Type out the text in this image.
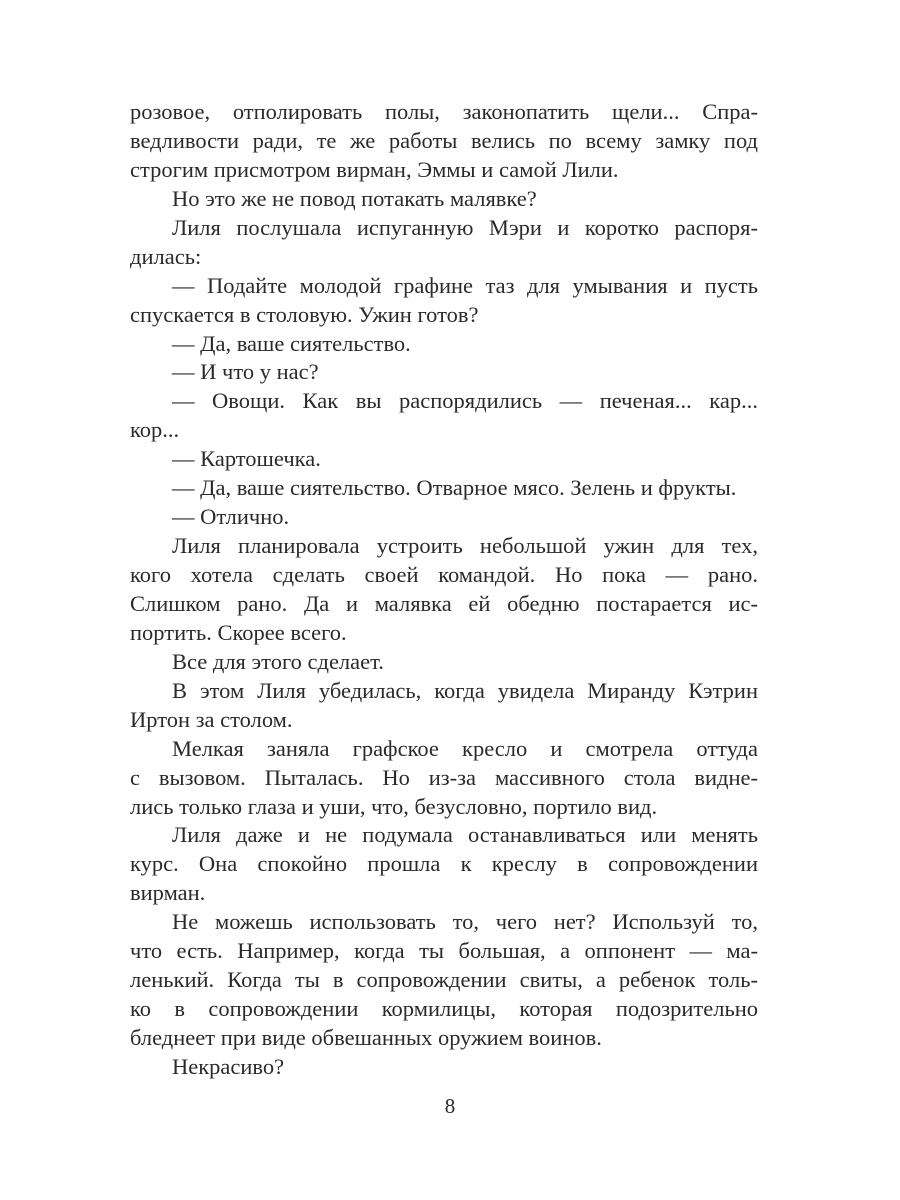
розовое, отполировать полы, законопатить щели... Спра-
ведливости ради, те же работы велись по всему замку под
строгим присмотром вирман, Эммы и самой Лили.
Но это же не повод потакать малявке?
Лиля послушала испуганную Мэри и коротко распоря-
дилась:
— Подайте молодой графине таз для умывания и пусть
спускается в столовую. Ужин готов?
— Да, ваше сиятельство.
— И что у нас?
— Овощи. Как вы распорядились — печеная... кар...
кор...
— Картошечка.
— Да, ваше сиятельство. Отварное мясо. Зелень и фрукты.
— Отлично.
Лиля планировала устроить небольшой ужин для тех,
кого хотела сделать своей командой. Но пока — рано.
Слишком рано. Да и малявка ей обедню постарается ис-
портить. Скорее всего.
Все для этого сделает.
В этом Лиля убедилась, когда увидела Миранду Кэтрин
Иртон за столом.
Мелкая заняла графское кресло и смотрела оттуда
с вызовом. Пыталась. Но из-за массивного стола видне-
лись только глаза и уши, что, безусловно, портило вид.
Лиля даже и не подумала останавливаться или менять
курс. Она спокойно прошла к креслу в сопровождении
вирман.
Не можешь использовать то, чего нет? Используй то,
что есть. Например, когда ты большая, а оппонент — ма-
ленький. Когда ты в сопровождении свиты, а ребенок толь-
ко в сопровождении кормилицы, которая подозрительно
бледнеет при виде обвешанных оружием воинов.
Некрасиво?
8
